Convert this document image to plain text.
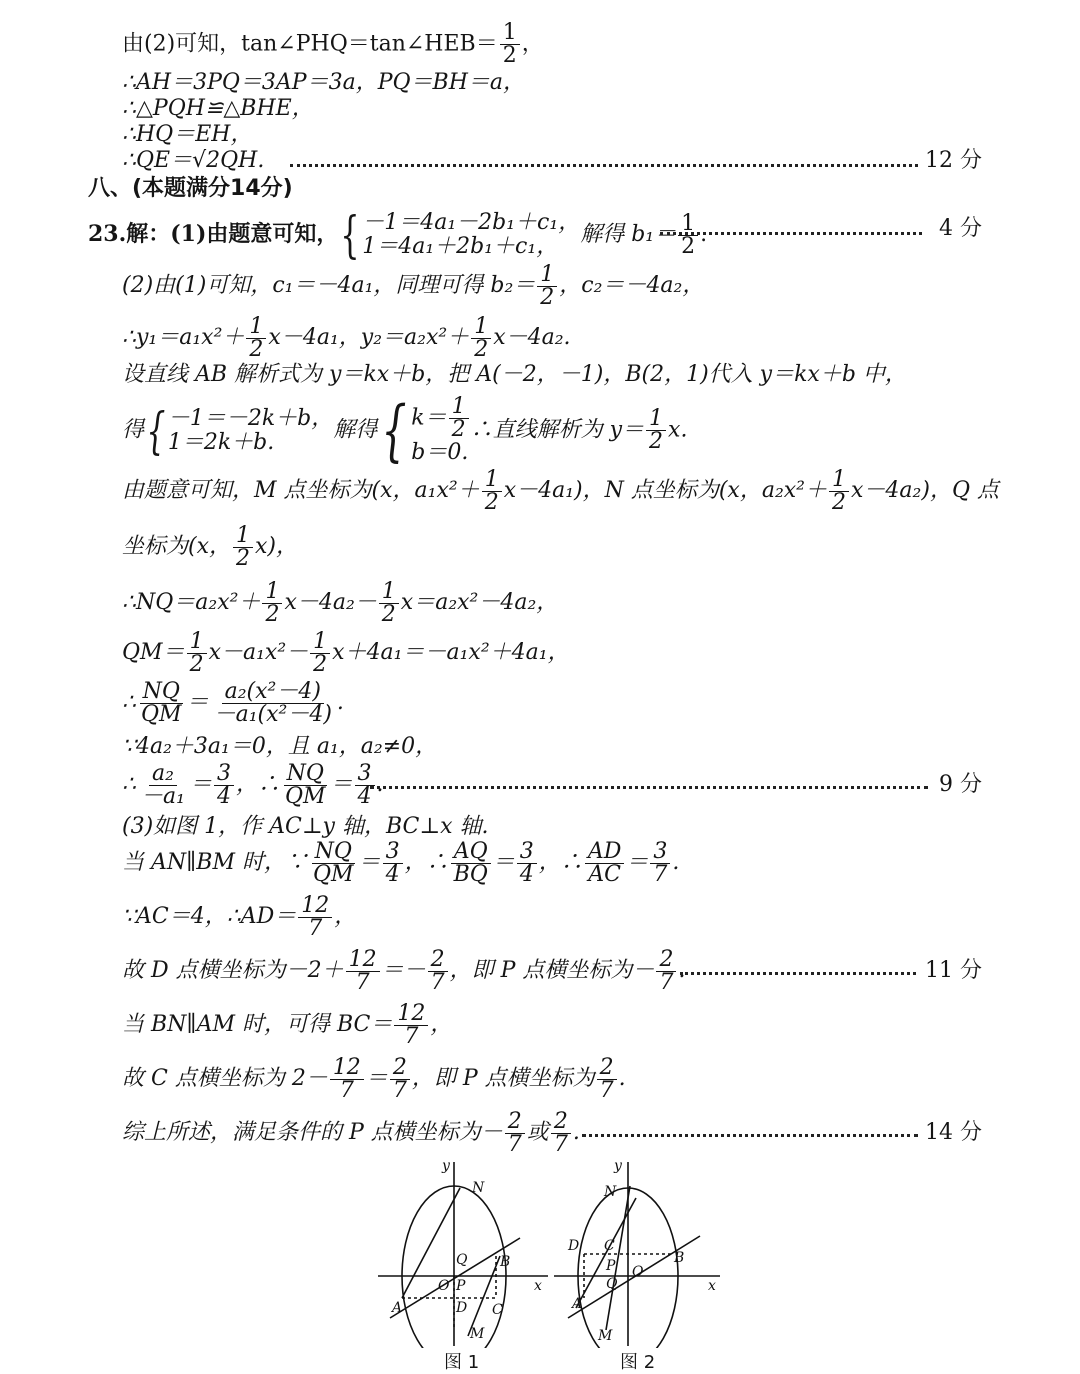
由(2)可知，tan∠PHQ＝tan∠HEB＝ $\frac{1}{2}$ ，
∴AH＝3PQ＝3AP＝3a，PQ＝BH＝a，
∴△PQH≌△BHE，
∴HQ＝EH，
∴QE＝√2QH.	12 分
八、(本题满分14分)
23.解：(1)由题意可知，{ －1＝4a₁－2b₁＋c₁，
1＝4a₁＋2b₁＋c₁，	解得 $b_1= \frac{1}{2}$ .	4 分
(2)由(1)可知，c₁＝－4a₁，同理可得 $b_2= \frac{1}{2}$ ，c₂＝－4a₂，
∴y₁＝a₁x²＋ $\frac{1}{2} x-4a_1$，$y_2=a_2x^2+ \frac{1}{2} x-4a_2$.
设直线 AB 解析式为 y＝kx＋b，把 A(－2，－1)，B(2，1)代入 y＝kx＋b 中，
得{ －1＝－2k＋b，
1＝2k＋b.	解得{ $k= \frac{1}{2}$
b＝0.
∴直线解析为 $y= \frac{1}{2} x$.
由题意可知，M 点坐标为(x，$a_1x^2+ \frac{1}{2} x-4a_1$)，N 点坐标为(x，$a_2x^2+ \frac{1}{2} x-4a_2$)，Q 点
坐标为(x， $\frac{1}{2} x$)，
∴NQ＝a₂x²＋ $\frac{1}{2} x-4a_2- \frac{1}{2} x=a_2x^2-4a_2$，
$QM= \frac{1}{2} x-a_1x^2- \frac{1}{2} x+4a_1=-a_1x^2+4a_1$，
∴ $\frac{NQ}{QM} = \frac{\text{a₂(x²－4)}}{\text{－a₁(x²－4)}}$ .
∵4a₂＋3a₁＝0，且 a₁，a₂≠0，
∴ $\frac{\text{a₂}}{\text{－a₁}} = \frac{3}{4}$ ，∴ $\frac{NQ}{QM} = \frac{3}{4}$ .	9 分
(3)如图 1，作 AC⊥y 轴，BC⊥x 轴.
当 AN∥BM 时，∵ $\frac{NQ}{QM} = \frac{3}{4}$ ，∴ $\frac{AQ}{BQ} = \frac{3}{4}$ ，∴ $\frac{AD}{AC} = \frac{3}{7}$ .
∵AC＝4，∴AD＝ $\frac{12}{7}$ ，
故 D 点横坐标为$-2+ \frac{12}{7} =- \frac{2}{7}$ ，即 P 点横坐标为－ $\frac{2}{7}$ .	11 分
当 BN∥AM 时，可得 $BC= \frac{12}{7}$ ，
故 C 点横坐标为 $2- \frac{12}{7} = \frac{2}{7}$ ，即 P 点横坐标为 $\frac{2}{7}$ .
综上所述，满足条件的 P 点横坐标为－ $\frac{2}{7}$ 或 $\frac{2}{7}$ .	14 分
y
N
Q
O P
B
A	D C
M
x
图 1
y
N
D C
P O
Q
B
A
M
x
图 2
